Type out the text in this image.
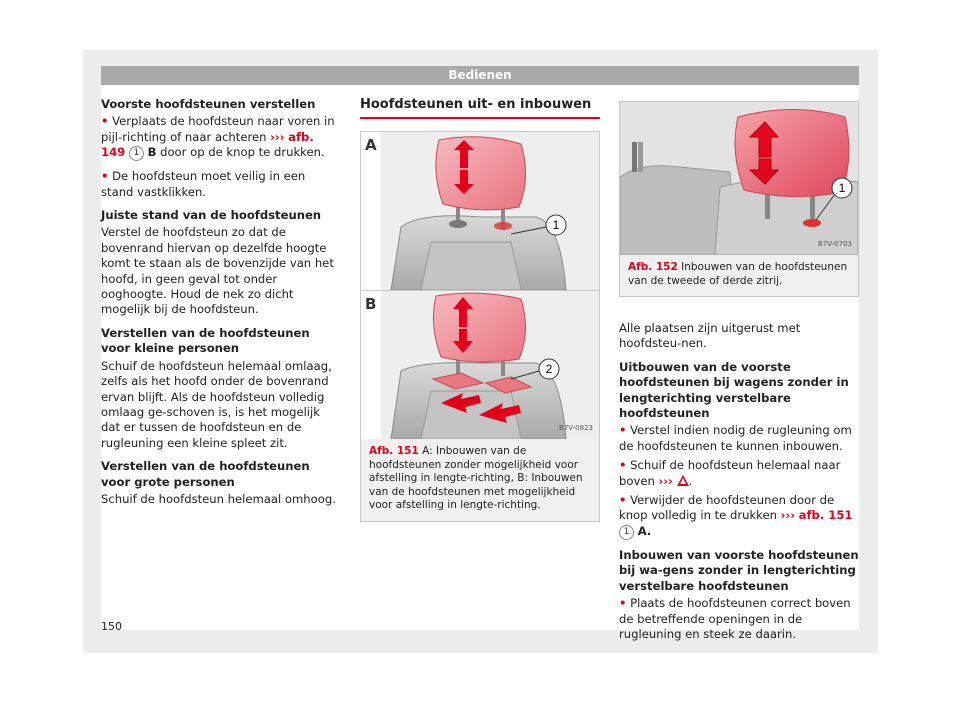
Bedienen

Voorste hoofdsteunen verstellen

• Verplaats de hoofdsteun naar voren in pijl-richting of naar achteren ››› afb. 149 1 B door op de knop te drukken.

• De hoofdsteun moet veilig in een stand vastklikken.

Juiste stand van de hoofdsteunen

Verstel de hoofdsteun zo dat de bovenrand hiervan op dezelfde hoogte komt te staan als de bovenzijde van het hoofd, in geen geval tot onder ooghoogte. Houd de nek zo dicht mogelijk bij de hoofdsteun.

Verstellen van de hoofdsteunen voor kleine personen

Schuif de hoofdsteun helemaal omlaag, zelfs als het hoofd onder de bovenrand ervan blijft. Als de hoofdsteun volledig omlaag ge-schoven is, is het mogelijk dat er tussen de hoofdsteun en de rugleuning een kleine spleet zit.

Verstellen van de hoofdsteunen voor grote personen

Schuif de hoofdsteun helemaal omhoog.

Hoofdsteunen uit- en inbouwen
A
1
B
2
B7V-0823
Afb. 151 A: Inbouwen van de hoofdsteunen zonder mogelijkheid voor afstelling in lengte-richting, B: Inbouwen van de hoofdsteunen met mogelijkheid voor afstelling in lengte-richting.
1
B7V-0703
Afb. 152 Inbouwen van de hoofdsteunen van de tweede of derde zitrij.

Alle plaatsen zijn uitgerust met hoofdsteu-nen.

Uitbouwen van de voorste hoofdsteunen bij wagens zonder in lengterichting verstelbare hoofdsteunen

• Verstel indien nodig de rugleuning om de hoofdsteunen te kunnen inbouwen.

• Schuif de hoofdsteun helemaal naar boven ››› .

• Verwijder de hoofdsteunen door de knop volledig in te drukken ››› afb. 151 1 A.

Inbouwen van voorste hoofdsteunen bij wa-gens zonder in lengterichting verstelbare hoofdsteunen

• Plaats de hoofdsteunen correct boven de betreffende openingen in de rugleuning en steek ze daarin.

150
